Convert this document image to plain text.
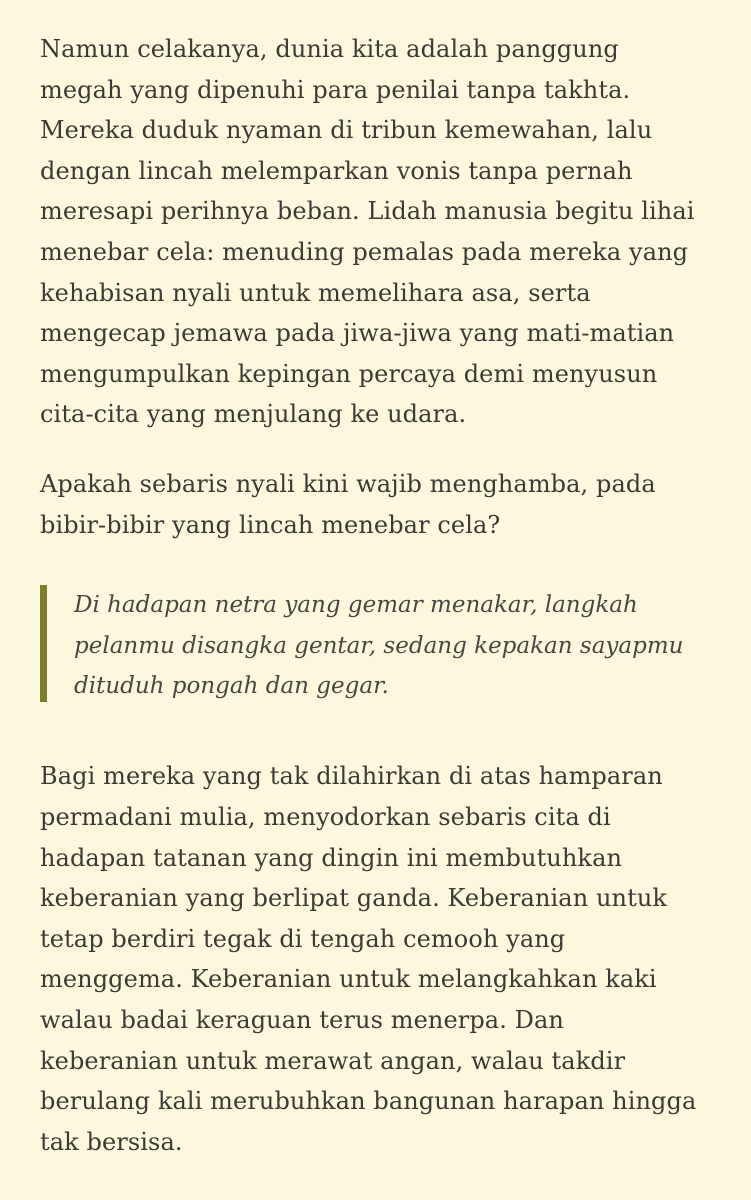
Namun celakanya, dunia kita adalah panggung
megah yang dipenuhi para penilai tanpa takhta.
Mereka duduk nyaman di tribun kemewahan, lalu
dengan lincah melemparkan vonis tanpa pernah
meresapi perihnya beban. Lidah manusia begitu lihai
menebar cela: menuding pemalas pada mereka yang
kehabisan nyali untuk memelihara asa, serta
mengecap jemawa pada jiwa-jiwa yang mati-matian
mengumpulkan kepingan percaya demi menyusun
cita-cita yang menjulang ke udara.

Apakah sebaris nyali kini wajib menghamba, pada
bibir-bibir yang lincah menebar cela?

Di hadapan netra yang gemar menakar, langkah
pelanmu disangka gentar, sedang kepakan sayapmu
dituduh pongah dan gegar.

Bagi mereka yang tak dilahirkan di atas hamparan
permadani mulia, menyodorkan sebaris cita di
hadapan tatanan yang dingin ini membutuhkan
keberanian yang berlipat ganda. Keberanian untuk
tetap berdiri tegak di tengah cemooh yang
menggema. Keberanian untuk melangkahkan kaki
walau badai keraguan terus menerpa. Dan
keberanian untuk merawat angan, walau takdir
berulang kali merubuhkan bangunan harapan hingga
tak bersisa.
